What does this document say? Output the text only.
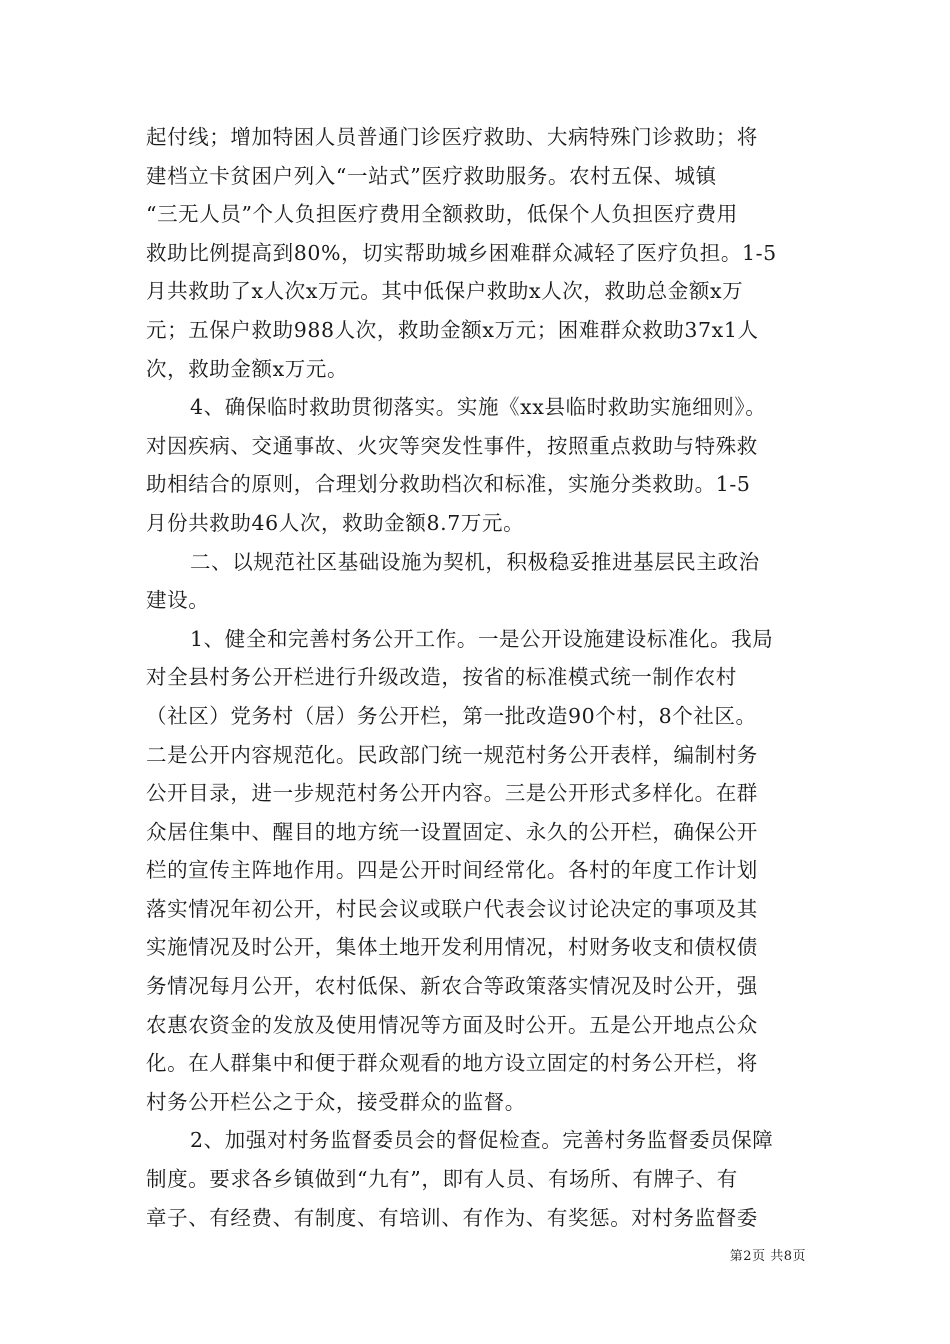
起付线；增加特困人员普通门诊医疗救助、大病特殊门诊救助；将

建档立卡贫困户列入“一站式”医疗救助服务。农村五保、城镇

“三无人员”个人负担医疗费用全额救助，低保个人负担医疗费用

救助比例提高到80%，切实帮助城乡困难群众减轻了医疗负担。1-5

月共救助了x人次x万元。其中低保户救助x人次，救助总金额x万

元；五保户救助988人次，救助金额x万元；困难群众救助37x1人

次，救助金额x万元。

4、确保临时救助贯彻落实。实施《xx县临时救助实施细则》。

对因疾病、交通事故、火灾等突发性事件，按照重点救助与特殊救

助相结合的原则，合理划分救助档次和标准，实施分类救助。1-5

月份共救助46人次，救助金额8.7万元。

二、以规范社区基础设施为契机，积极稳妥推进基层民主政治

建设。

1、健全和完善村务公开工作。一是公开设施建设标准化。我局

对全县村务公开栏进行升级改造，按省的标准模式统一制作农村

（社区）党务村（居）务公开栏，第一批改造90个村，8个社区。

二是公开内容规范化。民政部门统一规范村务公开表样，编制村务

公开目录，进一步规范村务公开内容。三是公开形式多样化。在群

众居住集中、醒目的地方统一设置固定、永久的公开栏，确保公开

栏的宣传主阵地作用。四是公开时间经常化。各村的年度工作计划

落实情况年初公开，村民会议或联户代表会议讨论决定的事项及其

实施情况及时公开，集体土地开发利用情况，村财务收支和债权债

务情况每月公开，农村低保、新农合等政策落实情况及时公开，强

农惠农资金的发放及使用情况等方面及时公开。五是公开地点公众

化。在人群集中和便于群众观看的地方设立固定的村务公开栏，将

村务公开栏公之于众，接受群众的监督。

2、加强对村务监督委员会的督促检查。完善村务监督委员保障

制度。要求各乡镇做到“九有”，即有人员、有场所、有牌子、有

章子、有经费、有制度、有培训、有作为、有奖惩。对村务监督委

第2页 共8页
